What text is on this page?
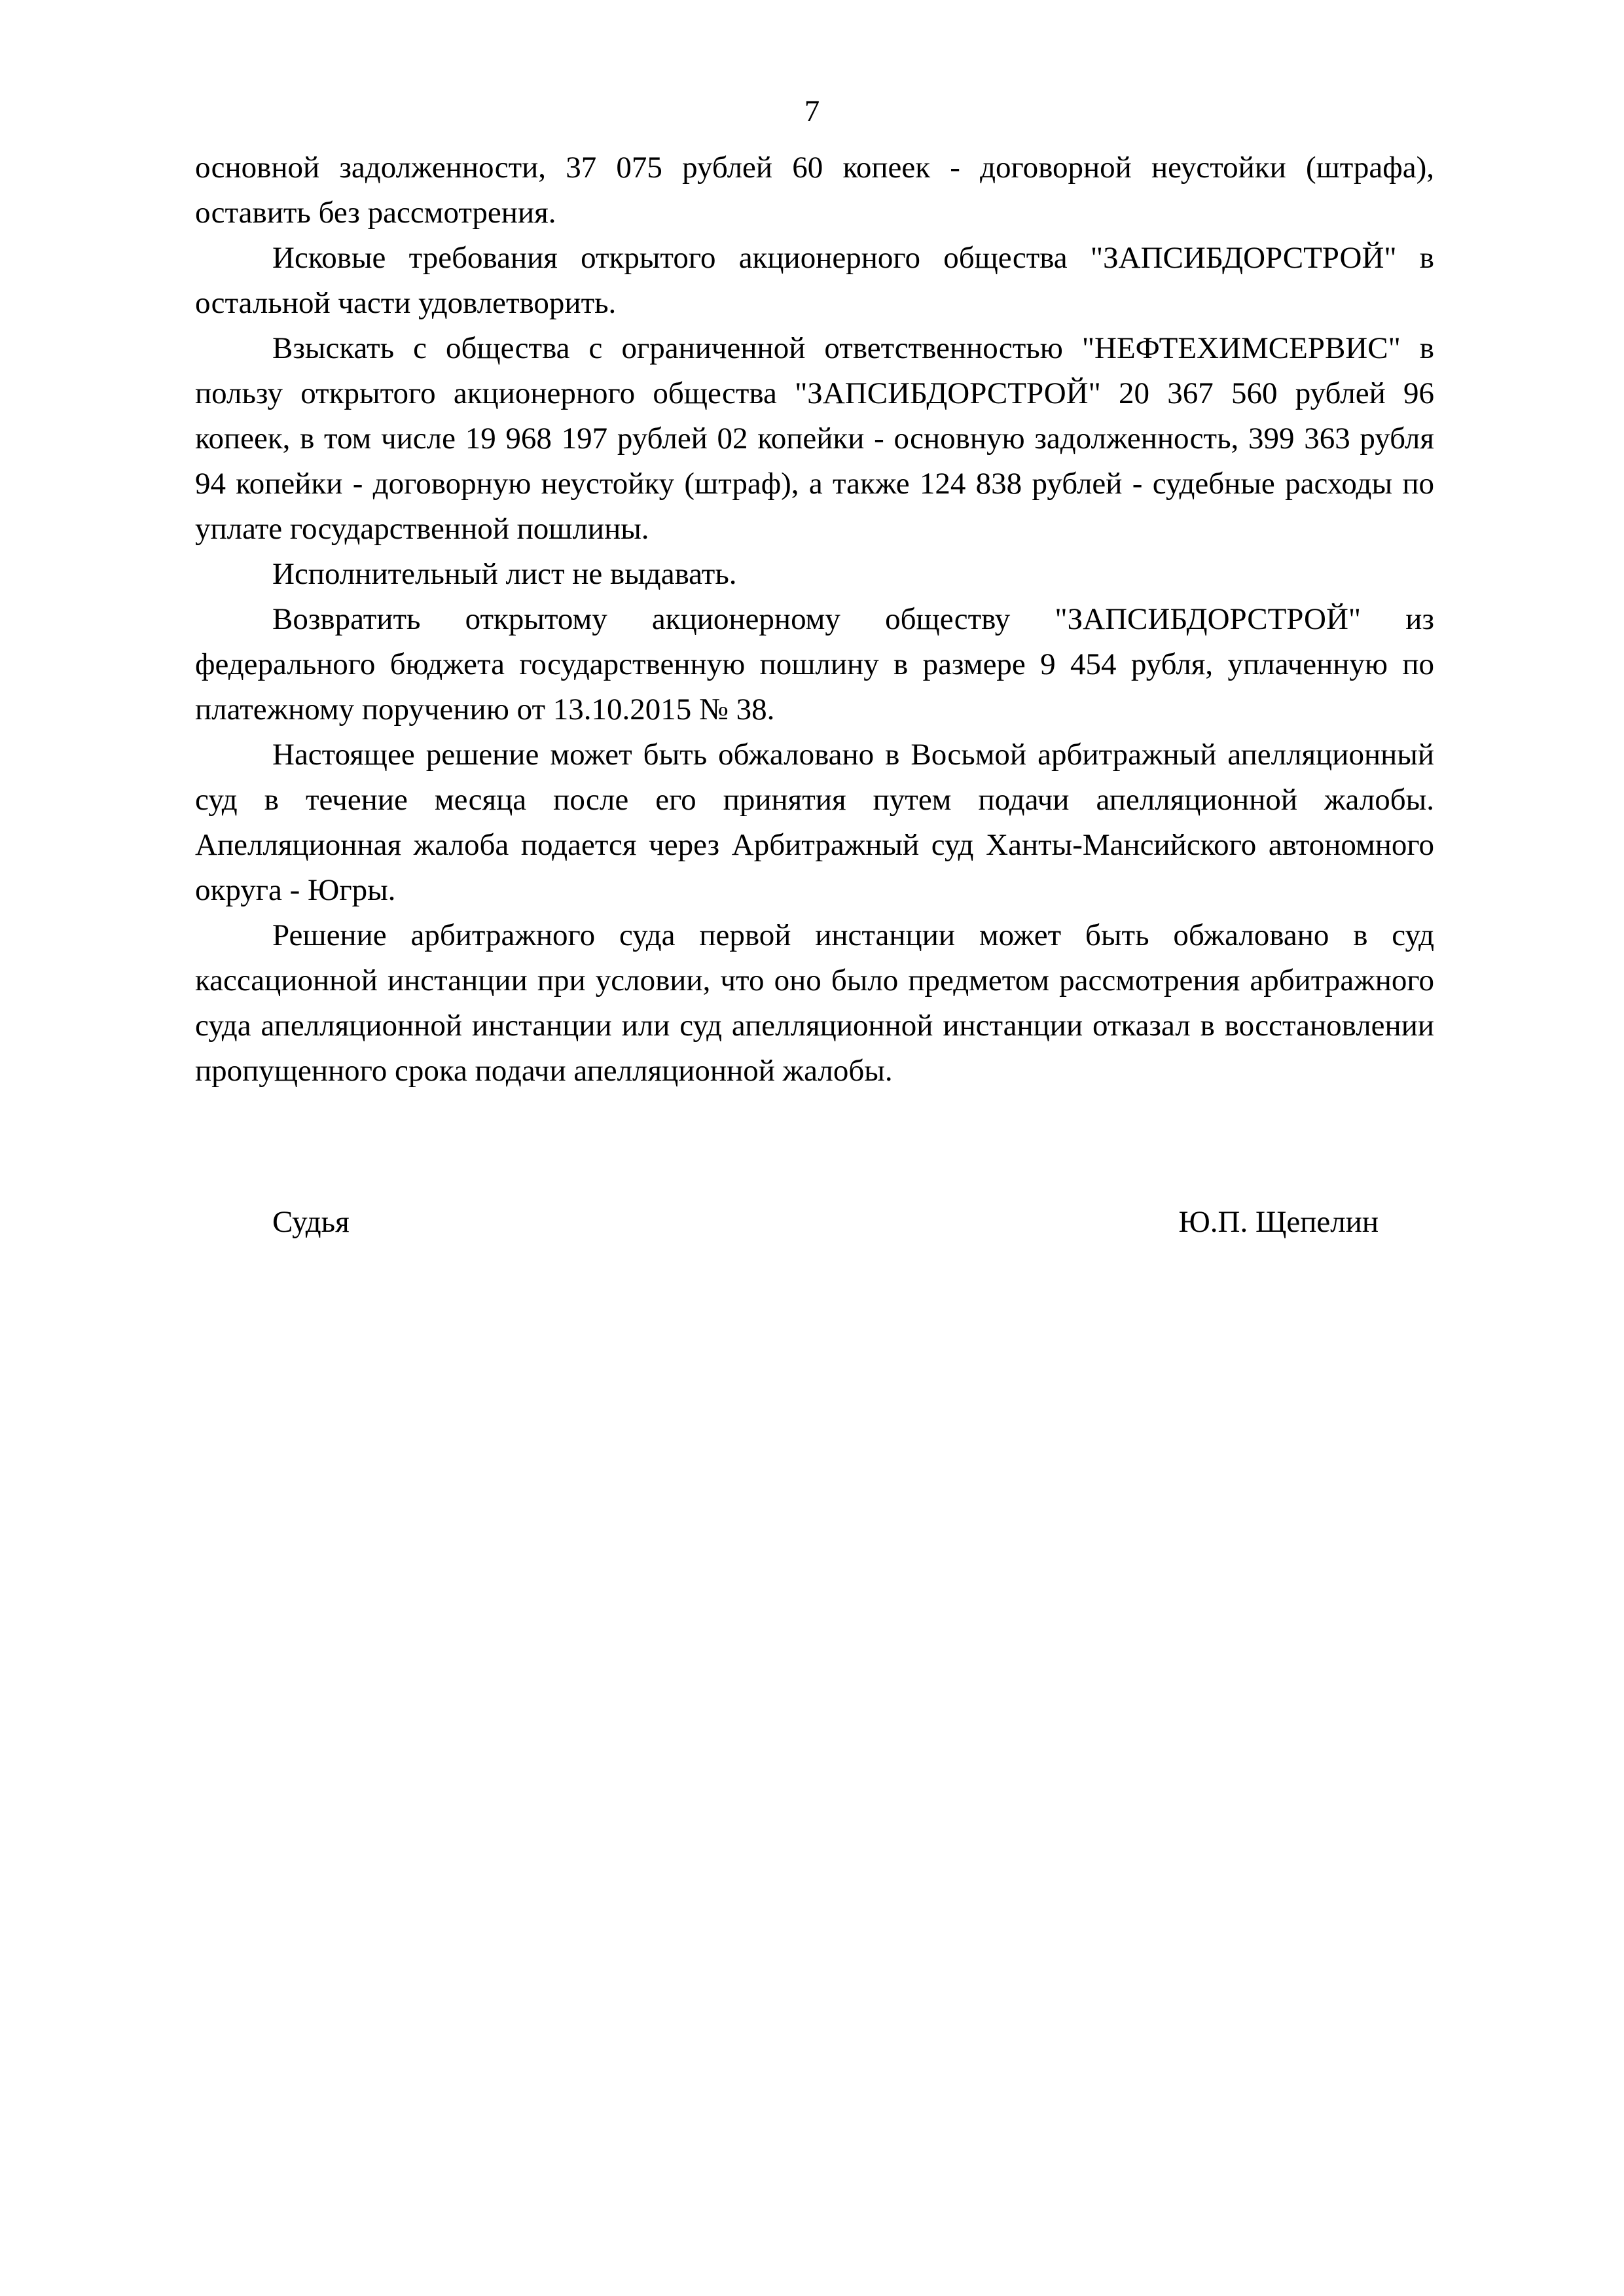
7

основной задолженности, 37 075 рублей 60 копеек - договорной неустойки (штрафа), оставить без рассмотрения.

Исковые требования открытого акционерного общества "ЗАПСИБДОРСТРОЙ" в остальной части удовлетворить.

Взыскать с общества с ограниченной ответственностью "НЕФТЕХИМСЕРВИС" в пользу открытого акционерного общества "ЗАПСИБДОРСТРОЙ" 20 367 560 рублей 96 копеек, в том числе 19 968 197 рублей 02 копейки - основную задолженность, 399 363 рубля 94 копейки - договорную неустойку (штраф), а также 124 838 рублей - судебные расходы по уплате государственной пошлины.

Исполнительный лист не выдавать.

Возвратить открытому акционерному обществу "ЗАПСИБДОРСТРОЙ" из федерального бюджета государственную пошлину в размере 9 454 рубля, уплаченную по платежному поручению от 13.10.2015 № 38.

Настоящее решение может быть обжаловано в Восьмой арбитражный апелляционный суд в течение месяца после его принятия путем подачи апелляционной жалобы. Апелляционная жалоба подается через Арбитражный суд Ханты-Мансийского автономного округа - Югры.

Решение арбитражного суда первой инстанции может быть обжаловано в суд кассационной инстанции при условии, что оно было предметом рассмотрения арбитражного суда апелляционной инстанции или суд апелляционной инстанции отказал в восстановлении пропущенного срока подачи апелляционной жалобы.

Судья	Ю.П. Щепелин
